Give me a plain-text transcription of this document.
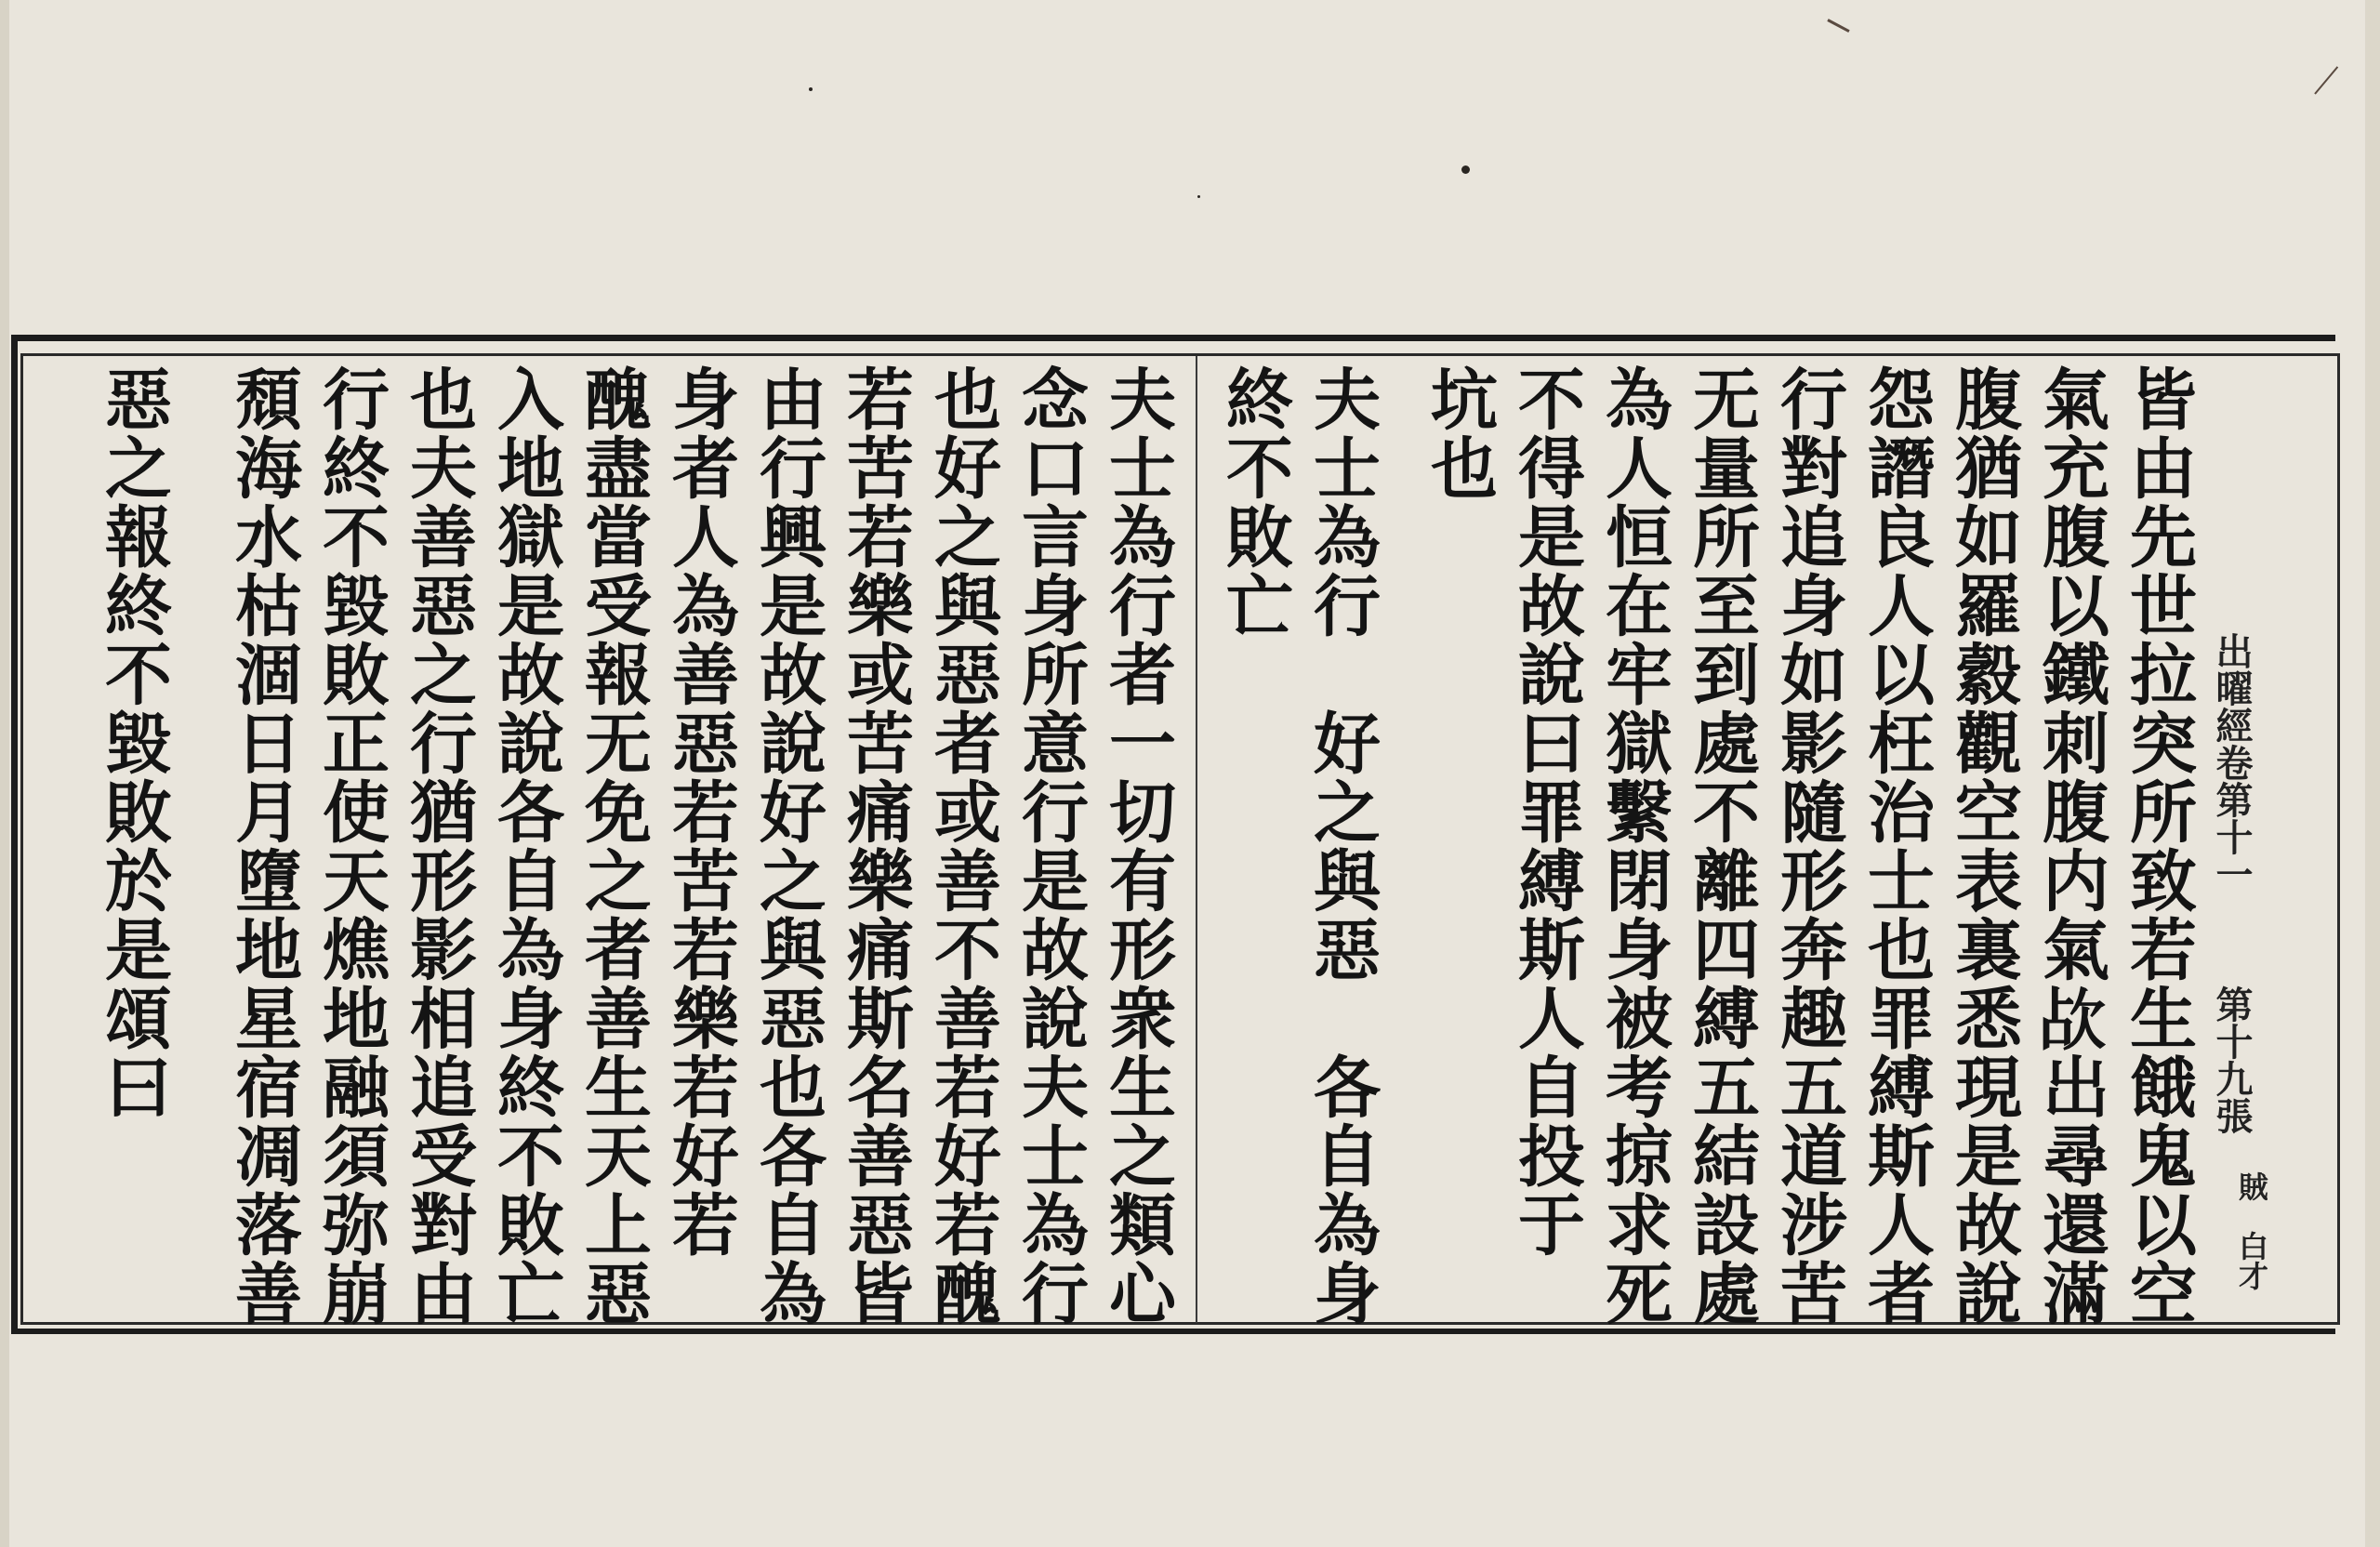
出曜經卷第十一
第十九張
賊　白才
皆由先世拉突所致若生餓鬼以空
氣充腹以鐵刺腹内氣𣢤出尋還滿
腹猶如羅縠觀空表裏悉現是故說
怨譖良人以枉治士也罪縛斯人者
行對追身如影隨形奔趣五道涉苦
无量所至到處不離四縛五結設處
為人恒在牢獄繫閉身被考掠求死
不得是故說曰罪縛斯人自投于
坑也
夫士為行　好之與惡　各自為身
終不敗亡
夫士為行者一切有形衆生之類心
念口言身所意行是故說夫士為行
也好之與惡者或善不善若好若醜
若苦若樂或苦痛樂痛斯名善惡皆
由行興是故說好之與惡也各自為
身者人為善惡若苦若樂若好若
醜盡當受報无免之者善生天上惡
入地獄是故說各自為身終不敗亡
也夫善惡之行猶形影相追受對由
行終不毀敗正使天燋地融須弥崩
頹海水枯涸日月墮地星宿凋落善
惡之報終不毀敗於是頌曰
